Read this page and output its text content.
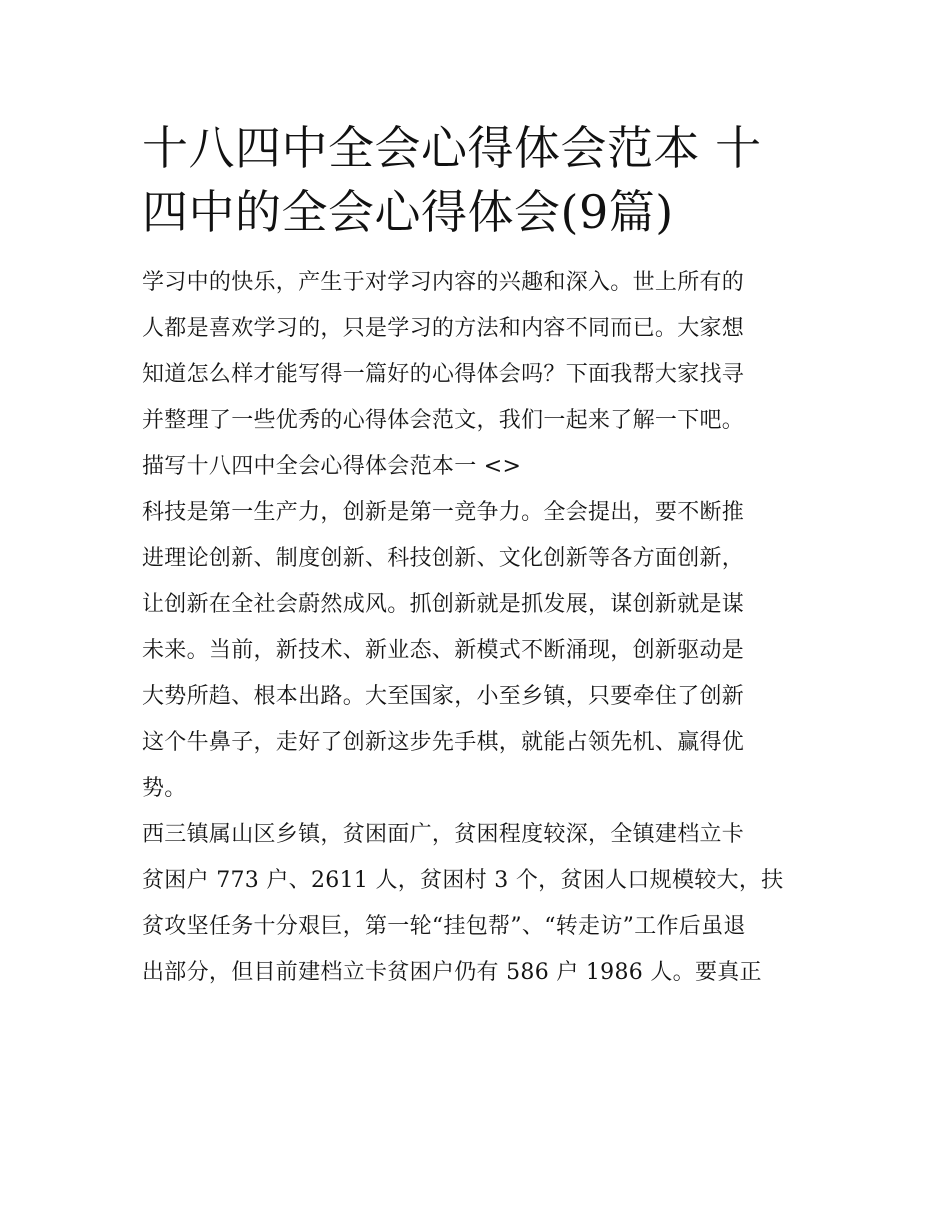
十八四中全会心得体会范本 十
四中的全会心得体会(9篇)
学习中的快乐，产生于对学习内容的兴趣和深入。世上所有的
人都是喜欢学习的，只是学习的方法和内容不同而已。大家想
知道怎么样才能写得一篇好的心得体会吗？下面我帮大家找寻
并整理了一些优秀的心得体会范文，我们一起来了解一下吧。
描写十八四中全会心得体会范本一 <>
科技是第一生产力，创新是第一竞争力。全会提出，要不断推
进理论创新、制度创新、科技创新、文化创新等各方面创新，
让创新在全社会蔚然成风。抓创新就是抓发展，谋创新就是谋
未来。当前，新技术、新业态、新模式不断涌现，创新驱动是
大势所趋、根本出路。大至国家，小至乡镇，只要牵住了创新
这个牛鼻子，走好了创新这步先手棋，就能占领先机、赢得优
势。
西三镇属山区乡镇，贫困面广，贫困程度较深，全镇建档立卡
贫困户 773 户、2611 人，贫困村 3 个，贫困人口规模较大，扶
贫攻坚任务十分艰巨，第一轮“挂包帮”、“转走访”工作后虽退
出部分，但目前建档立卡贫困户仍有 586 户 1986 人。要真正
